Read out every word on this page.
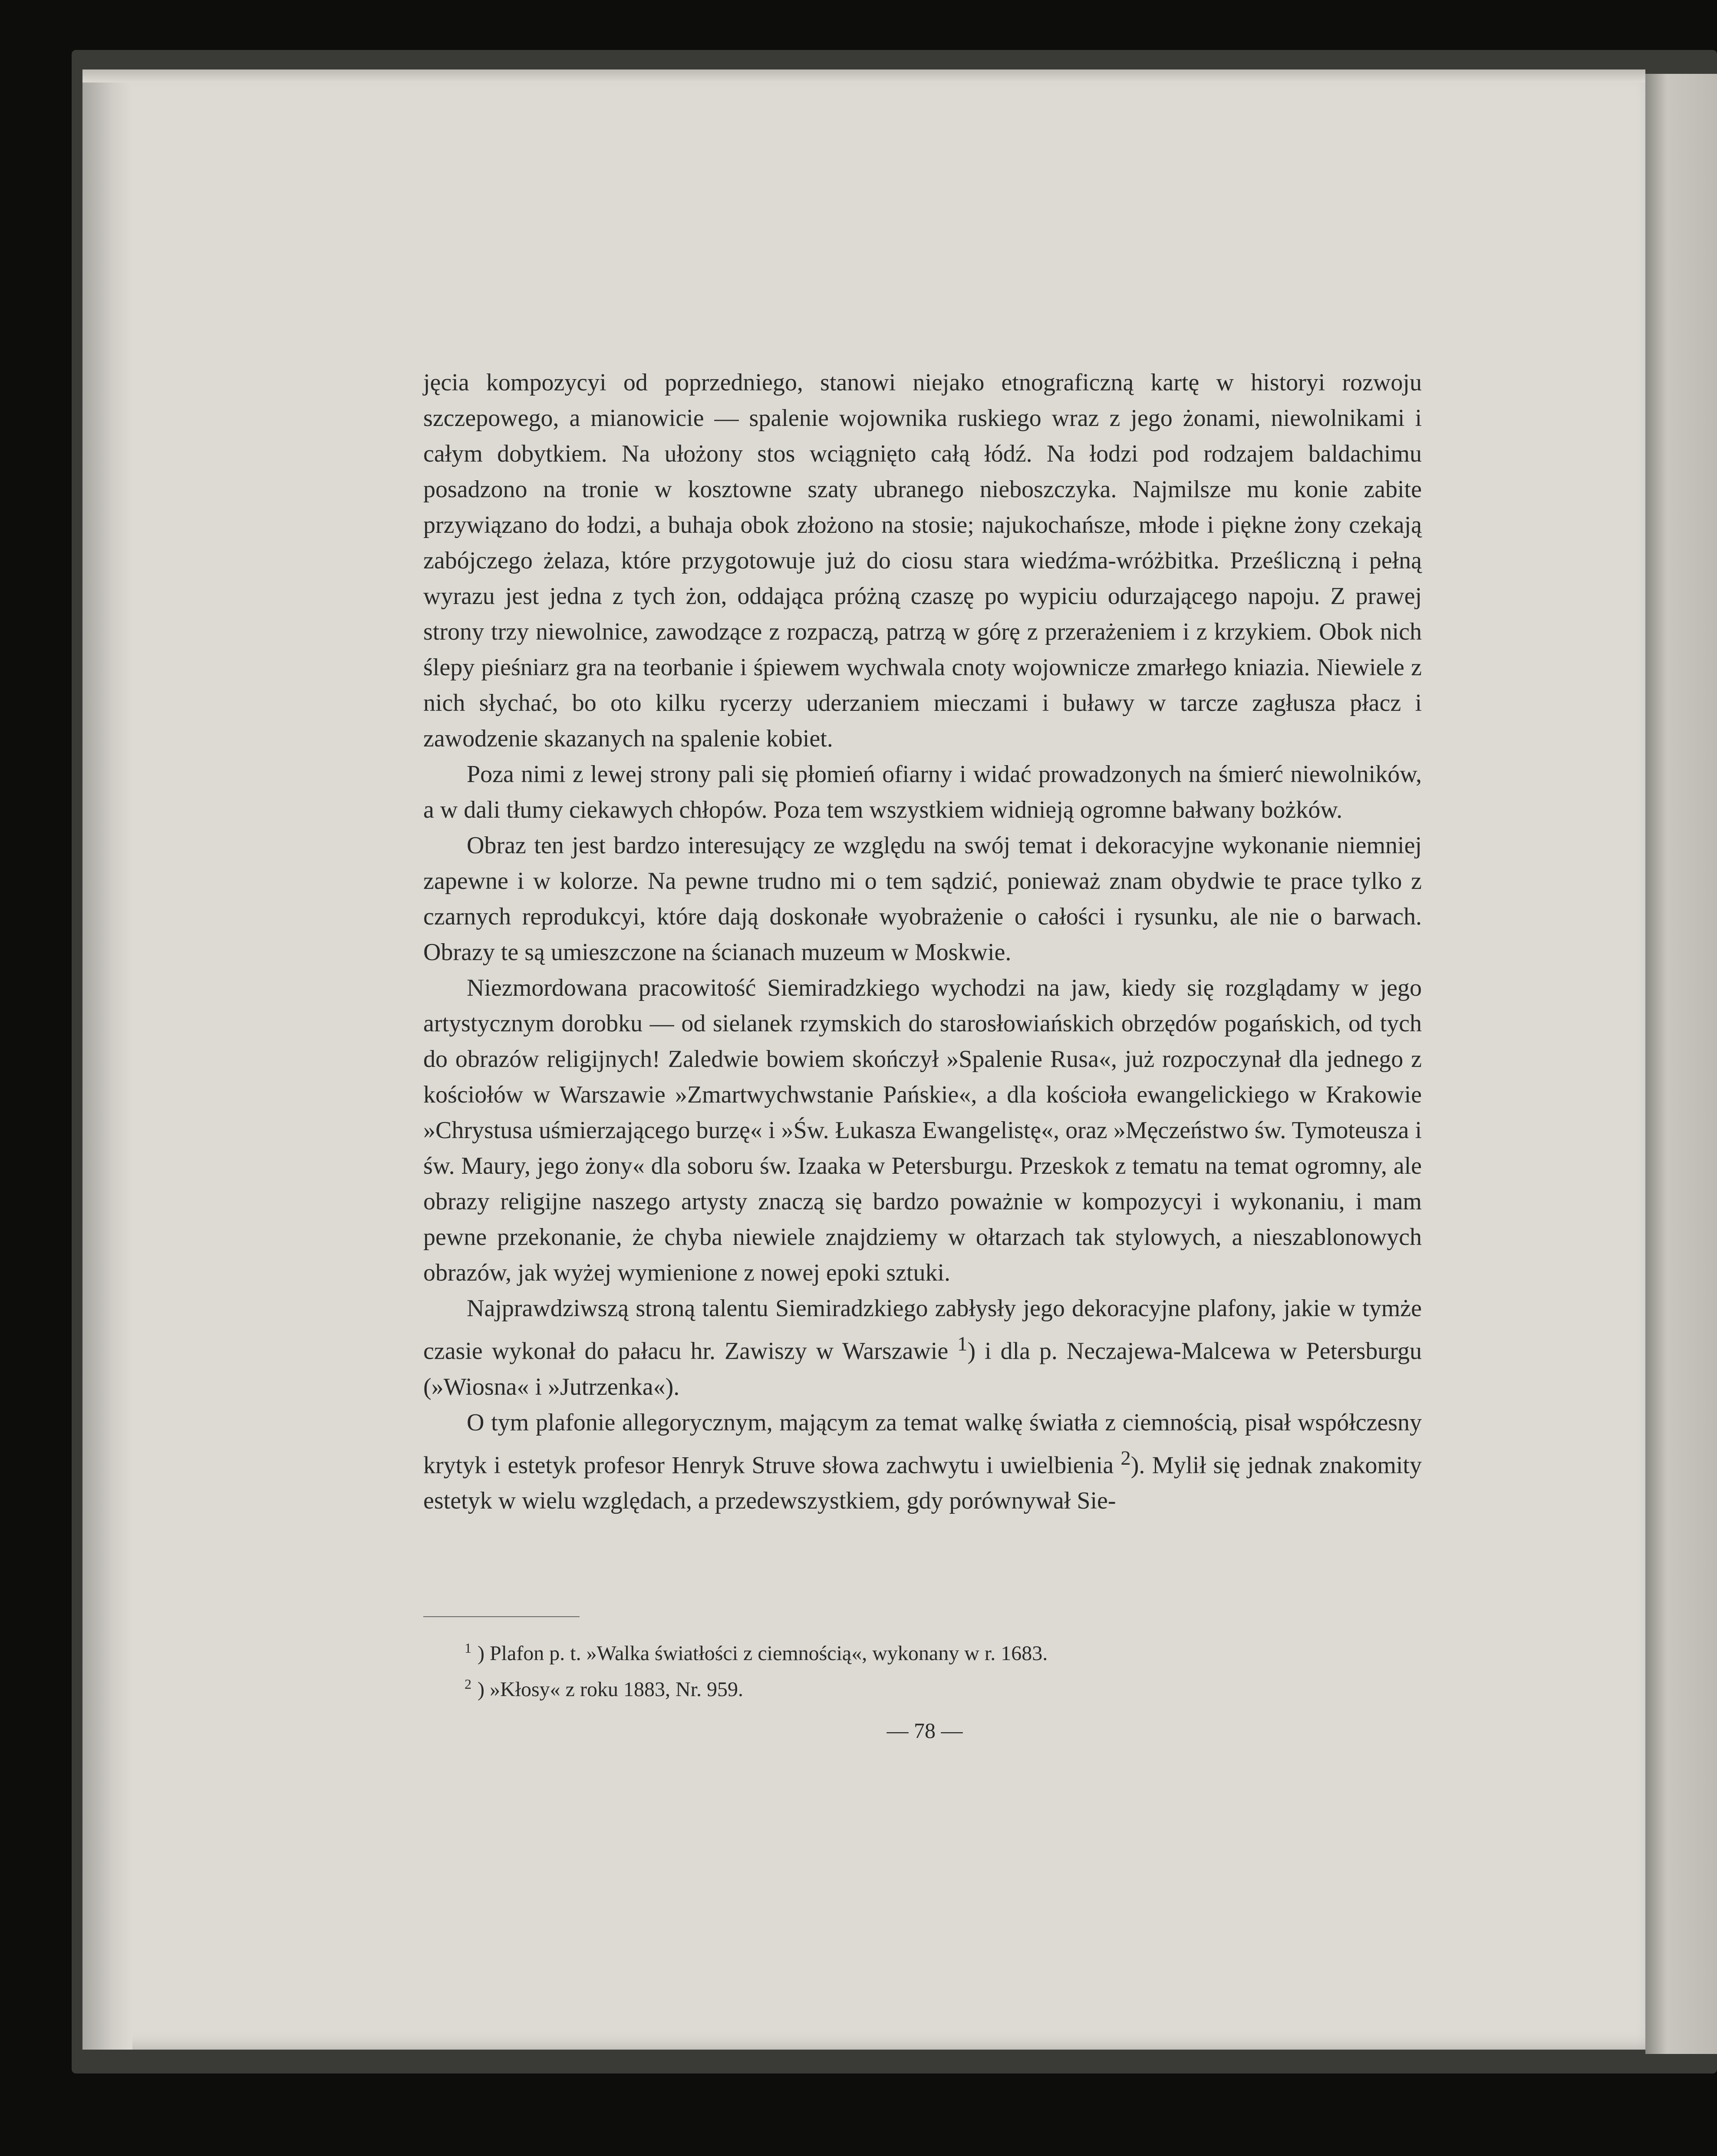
jęcia kompozycyi od poprzedniego, stanowi niejako etnograficzną kartę w historyi rozwoju szczepowego, a mianowicie — spalenie wojownika ruskiego wraz z jego żonami, niewolnikami i całym dobytkiem. Na ułożony stos wciągnięto całą łódź. Na łodzi pod rodzajem baldachimu posadzono na tronie w kosztowne szaty ubranego nieboszczyka. Najmilsze mu konie zabite przywiązano do łodzi, a buhaja obok złożono na stosie; najukochańsze, młode i piękne żony czekają zabójczego żelaza, które przygotowuje już do ciosu stara wiedźma-wróżbitka. Prześliczną i pełną wyrazu jest jedna z tych żon, oddająca próżną czaszę po wypiciu odurzającego napoju. Z prawej strony trzy niewolnice, zawodzące z rozpaczą, patrzą w górę z przerażeniem i z krzykiem. Obok nich ślepy pieśniarz gra na teorbanie i śpiewem wychwala cnoty wojownicze zmarłego kniazia. Niewiele z nich słychać, bo oto kilku rycerzy uderzaniem mieczami i buławy w tarcze zagłusza płacz i zawodzenie skazanych na spalenie kobiet.

Poza nimi z lewej strony pali się płomień ofiarny i widać prowadzonych na śmierć niewolników, a w dali tłumy ciekawych chłopów. Poza tem wszystkiem widnieją ogromne bałwany bożków.

Obraz ten jest bardzo interesujący ze względu na swój temat i dekoracyjne wykonanie niemniej zapewne i w kolorze. Na pewne trudno mi o tem sądzić, ponieważ znam obydwie te prace tylko z czarnych reprodukcyi, które dają doskonałe wyobrażenie o całości i rysunku, ale nie o barwach. Obrazy te są umieszczone na ścianach muzeum w Moskwie.

Niezmordowana pracowitość Siemiradzkiego wychodzi na jaw, kiedy się rozglądamy w jego artystycznym dorobku — od sielanek rzymskich do starosłowiańskich obrzędów pogańskich, od tych do obrazów religijnych! Zaledwie bowiem skończył »Spalenie Rusa«, już rozpoczynał dla jednego z kościołów w Warszawie »Zmartwychwstanie Pańskie«, a dla kościoła ewangelickiego w Krakowie »Chrystusa uśmierzającego burzę« i »Św. Łukasza Ewangelistę«, oraz »Męczeństwo św. Tymoteusza i św. Maury, jego żony« dla soboru św. Izaaka w Petersburgu. Przeskok z tematu na temat ogromny, ale obrazy religijne naszego artysty znaczą się bardzo poważnie w kompozycyi i wykonaniu, i mam pewne przekonanie, że chyba niewiele znajdziemy w ołtarzach tak stylowych, a nieszablonowych obrazów, jak wyżej wymienione z nowej epoki sztuki.

Najprawdziwszą stroną talentu Siemiradzkiego zabłysły jego dekoracyjne plafony, jakie w tymże czasie wykonał do pałacu hr. Zawiszy w Warszawie $^1$) i dla p. Neczajewa-Malcewa w Petersburgu (»Wiosna« i »Jutrzenka«).

O tym plafonie allegorycznym, mającym za temat walkę światła z ciemnością, pisał współczesny krytyk i estetyk profesor Henryk Struve słowa zachwytu i uwielbienia $^2$). Mylił się jednak znakomity estetyk w wielu względach, a przedewszystkiem, gdy porównywał Sie-

$^1$ ) Plafon p. t. »Walka światłości z ciemnością«, wykonany w r. 1683.

$^2$ ) »Kłosy« z roku 1883, Nr. 959.

— 78 —
